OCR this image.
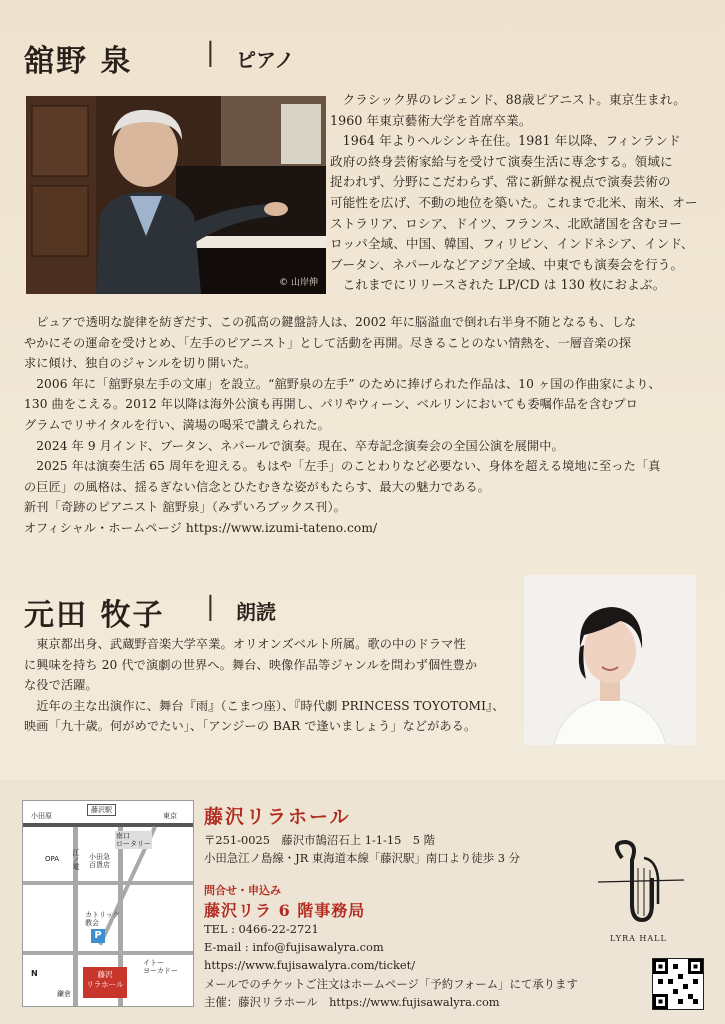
舘野 泉	| ピアノ
© 山岸伸

クラシック界のレジェンド、88歳ピアニスト。東京生まれ。

1960 年東京藝術大学を首席卒業。

1964 年よりヘルシンキ在住。1981 年以降、フィンランド

政府の終身芸術家給与を受けて演奏生活に専念する。領域に

捉われず、分野にこだわらず、常に新鮮な視点で演奏芸術の

可能性を広げ、不動の地位を築いた。これまで北米、南米、オー

ストラリア、ロシア、ドイツ、フランス、北欧諸国を含むヨー

ロッパ全域、中国、韓国、フィリピン、インドネシア、インド、

ブータン、ネパールなどアジア全域、中東でも演奏会を行う。

これまでにリリースされた LP/CD は 130 枚におよぶ。

ピュアで透明な旋律を紡ぎだす、この孤高の鍵盤詩人は、2002 年に脳溢血で倒れ右半身不随となるも、しな

やかにその運命を受けとめ、「左手のピアニスト」として活動を再開。尽きることのない情熱を、一層音楽の探

求に傾け、独自のジャンルを切り開いた。

2006 年に「舘野泉左手の文庫」を設立。“舘野泉の左手” のために捧げられた作品は、10 ヶ国の作曲家により、

130 曲をこえる。2012 年以降は海外公演も再開し、パリやウィーン、ベルリンにおいても委嘱作品を含むプロ

グラムでリサイタルを行い、満場の喝采で讃えられた。

2024 年 9 月インド、ブータン、ネパールで演奏。現在、卒寿記念演奏会の全国公演を展開中。

2025 年は演奏生活 65 周年を迎える。もはや「左手」のことわりなど必要ない、身体を超える境地に至った「真

の巨匠」の風格は、揺るぎない信念とひたむきな姿がもたらす、最大の魅力である。

新刊「奇跡のピアニスト 舘野泉」（みずいろブックス刊）。

オフィシャル・ホームページ https://www.izumi-tateno.com/

元田 牧子 | 朗読

東京都出身、武蔵野音楽大学卒業。オリオンズベルト所属。歌の中のドラマ性

に興味を持ち 20 代で演劇の世界へ。舞台、映像作品等ジャンルを問わず個性豊か

な役で活躍。

近年の主な出演作に、舞台『雨』（こまつ座）、『時代劇 PRINCESS TOYOTOMI』、

映画「九十歳。何がめでたい」、「アンジーの BAR で逢いましょう」などがある。

小田原
藤沢駅
東京
南口
ロータリー
OPA 江ノ電 小田急
百貨店
カトリック
教会
イトー
ヨーカドー
鎌倉
P
藤沢
リラホール
N
藤沢リラホール
〒251-0025　藤沢市鵠沼石上 1-1-15　5 階
小田急江ノ島線・JR 東海道本線「藤沢駅」南口より徒歩 3 分
問合せ・申込み
藤沢リラ 6 階事務局
TEL : 0466-22-2721
E-mail : info@fujisawalyra.com
https://www.fujisawalyra.com/ticket/
メールでのチケットご注文はホームページ「予約フォーム」にて承ります
主催：藤沢リラホール　https://www.fujisawalyra.com
LYRA HALL
